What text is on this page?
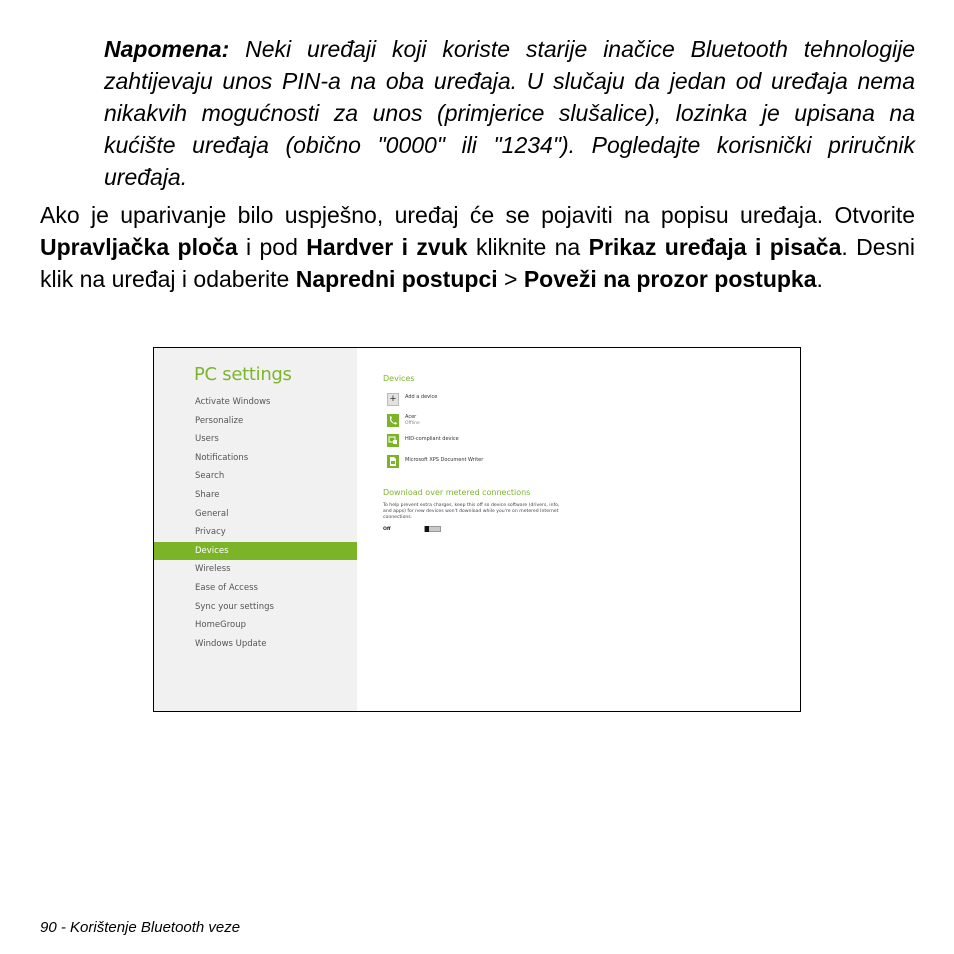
Napomena: Neki uređaji koji koriste starije inačice Bluetooth tehnologije zahtijevaju unos PIN-a na oba uređaja. U slučaju da jedan od uređaja nema nikakvih mogućnosti za unos (primjerice slušalice), lozinka je upisana na kućište uređaja (obično "0000" ili "1234"). Pogledajte korisnički priručnik uređaja.
Ako je uparivanje bilo uspješno, uređaj će se pojaviti na popisu uređaja. Otvorite Upravljačka ploča i pod Hardver i zvuk kliknite na Prikaz uređaja i pisača. Desni klik na uređaj i odaberite Napredni postupci > Poveži na prozor postupka.
PC settings
Activate Windows
Personalize
Users
Notifications
Search
Share
General
Privacy
Devices
Wireless
Ease of Access
Sync your settings
HomeGroup
Windows Update
Devices
+	Add a device
Acer
Offline
HID-compliant device
Microsoft XPS Document Writer
Download over metered connections
To help prevent extra charges, keep this off so device software (drivers, info, and apps) for new devices won't download while you're on metered Internet connections.
Off
90 - Korištenje Bluetooth veze
